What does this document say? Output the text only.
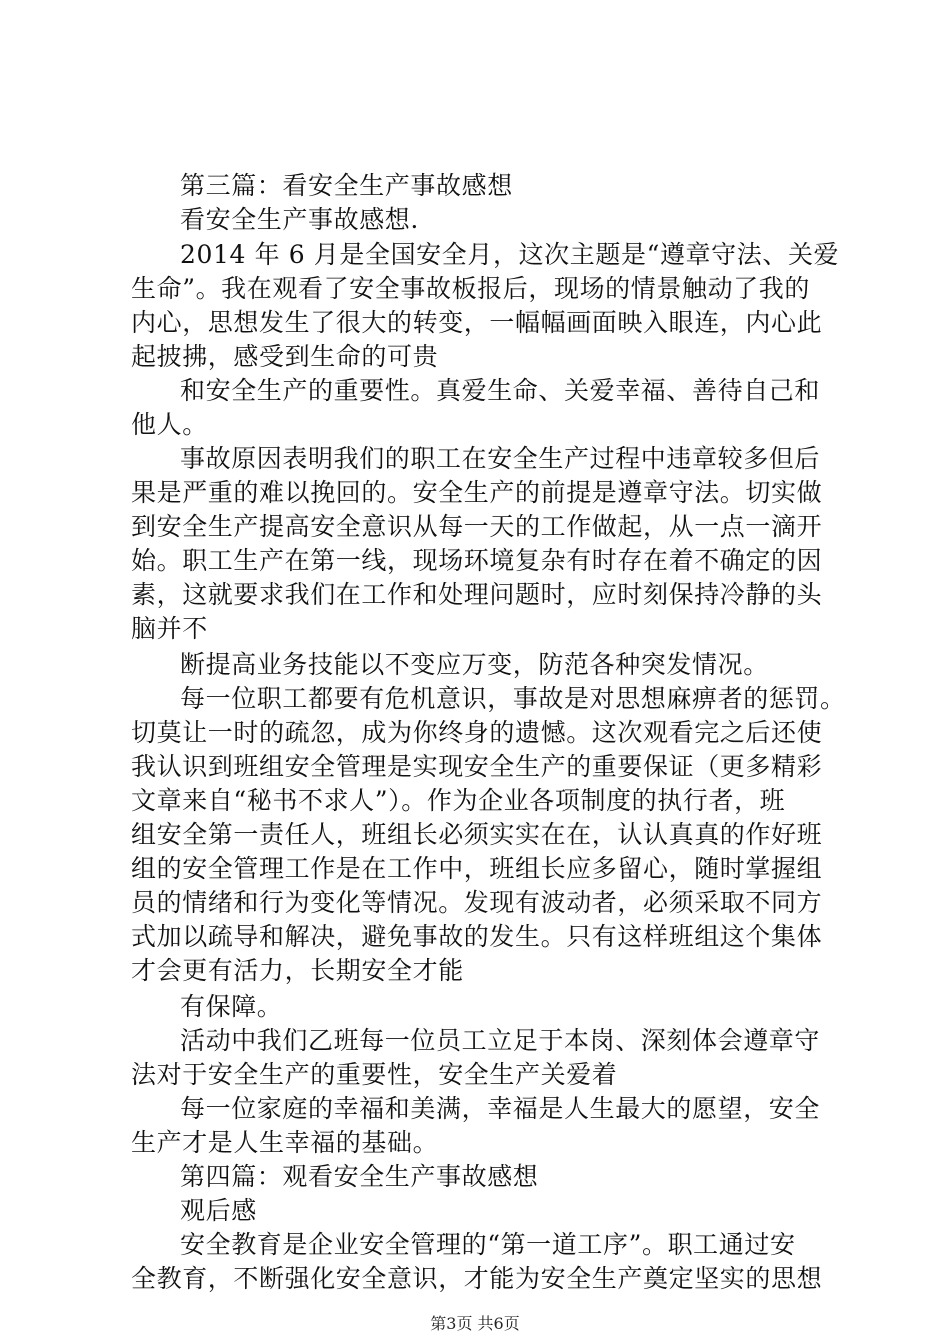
第三篇：看安全生产事故感想
看安全生产事故感想.
2014 年 6 月是全国安全月，这次主题是“遵章守法、关爱
生命”。我在观看了安全事故板报后，现场的情景触动了我的
内心，思想发生了很大的转变，一幅幅画面映入眼连，内心此
起披拂，感受到生命的可贵
和安全生产的重要性。真爱生命、关爱幸福、善待自己和
他人。
事故原因表明我们的职工在安全生产过程中违章较多但后
果是严重的难以挽回的。安全生产的前提是遵章守法。切实做
到安全生产提高安全意识从每一天的工作做起，从一点一滴开
始。职工生产在第一线，现场环境复杂有时存在着不确定的因
素，这就要求我们在工作和处理问题时，应时刻保持冷静的头
脑并不
断提高业务技能以不变应万变，防范各种突发情况。
每一位职工都要有危机意识，事故是对思想麻痹者的惩罚。
切莫让一时的疏忽，成为你终身的遗憾。这次观看完之后还使
我认识到班组安全管理是实现安全生产的重要保证（更多精彩
文章来自“秘书不求人”）。作为企业各项制度的执行者，班
组安全第一责任人，班组长必须实实在在，认认真真的作好班
组的安全管理工作是在工作中，班组长应多留心，随时掌握组
员的情绪和行为变化等情况。发现有波动者，必须采取不同方
式加以疏导和解决，避免事故的发生。只有这样班组这个集体
才会更有活力，长期安全才能
有保障。
活动中我们乙班每一位员工立足于本岗、深刻体会遵章守
法对于安全生产的重要性，安全生产关爱着
每一位家庭的幸福和美满，幸福是人生最大的愿望，安全
生产才是人生幸福的基础。
第四篇：观看安全生产事故感想
观后感
安全教育是企业安全管理的“第一道工序”。职工通过安
全教育，不断强化安全意识，才能为安全生产奠定坚实的思想
第3页 共6页
